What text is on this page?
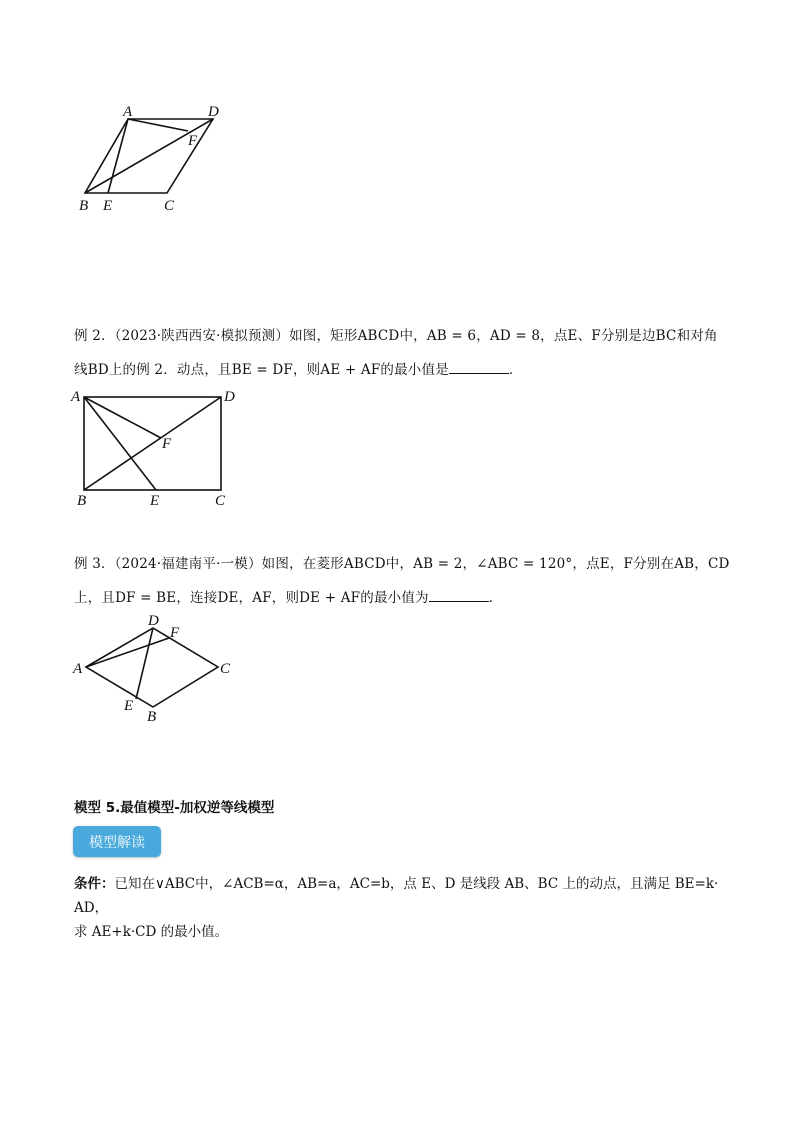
A	D
F
B E	C
例 2．（2023·陕西西安·模拟预测）如图，矩形ABCD中，AB = 6，AD = 8，点E、F分别是边BC和对角
线BD上的例 2．动点，且BE = DF，则AE + AF的最小值是	．
A	D
F
B	E	C
例 3．（2024·福建南平·一模）如图，在菱形ABCD中，AB = 2，∠ABC = 120°，点E，F分别在AB，CD
上，且DF = BE，连接DE，AF，则DE + AF的最小值为	．
A
D
F
C
E
B
模型 5.最值模型-加权逆等线模型
模型解读
条件：已知在∨ABC中，∠ACB=α，AB=a，AC=b，点 E、D 是线段 AB、BC 上的动点，且满足 BE=k·
AD，
求 AE+k·CD 的最小值。
